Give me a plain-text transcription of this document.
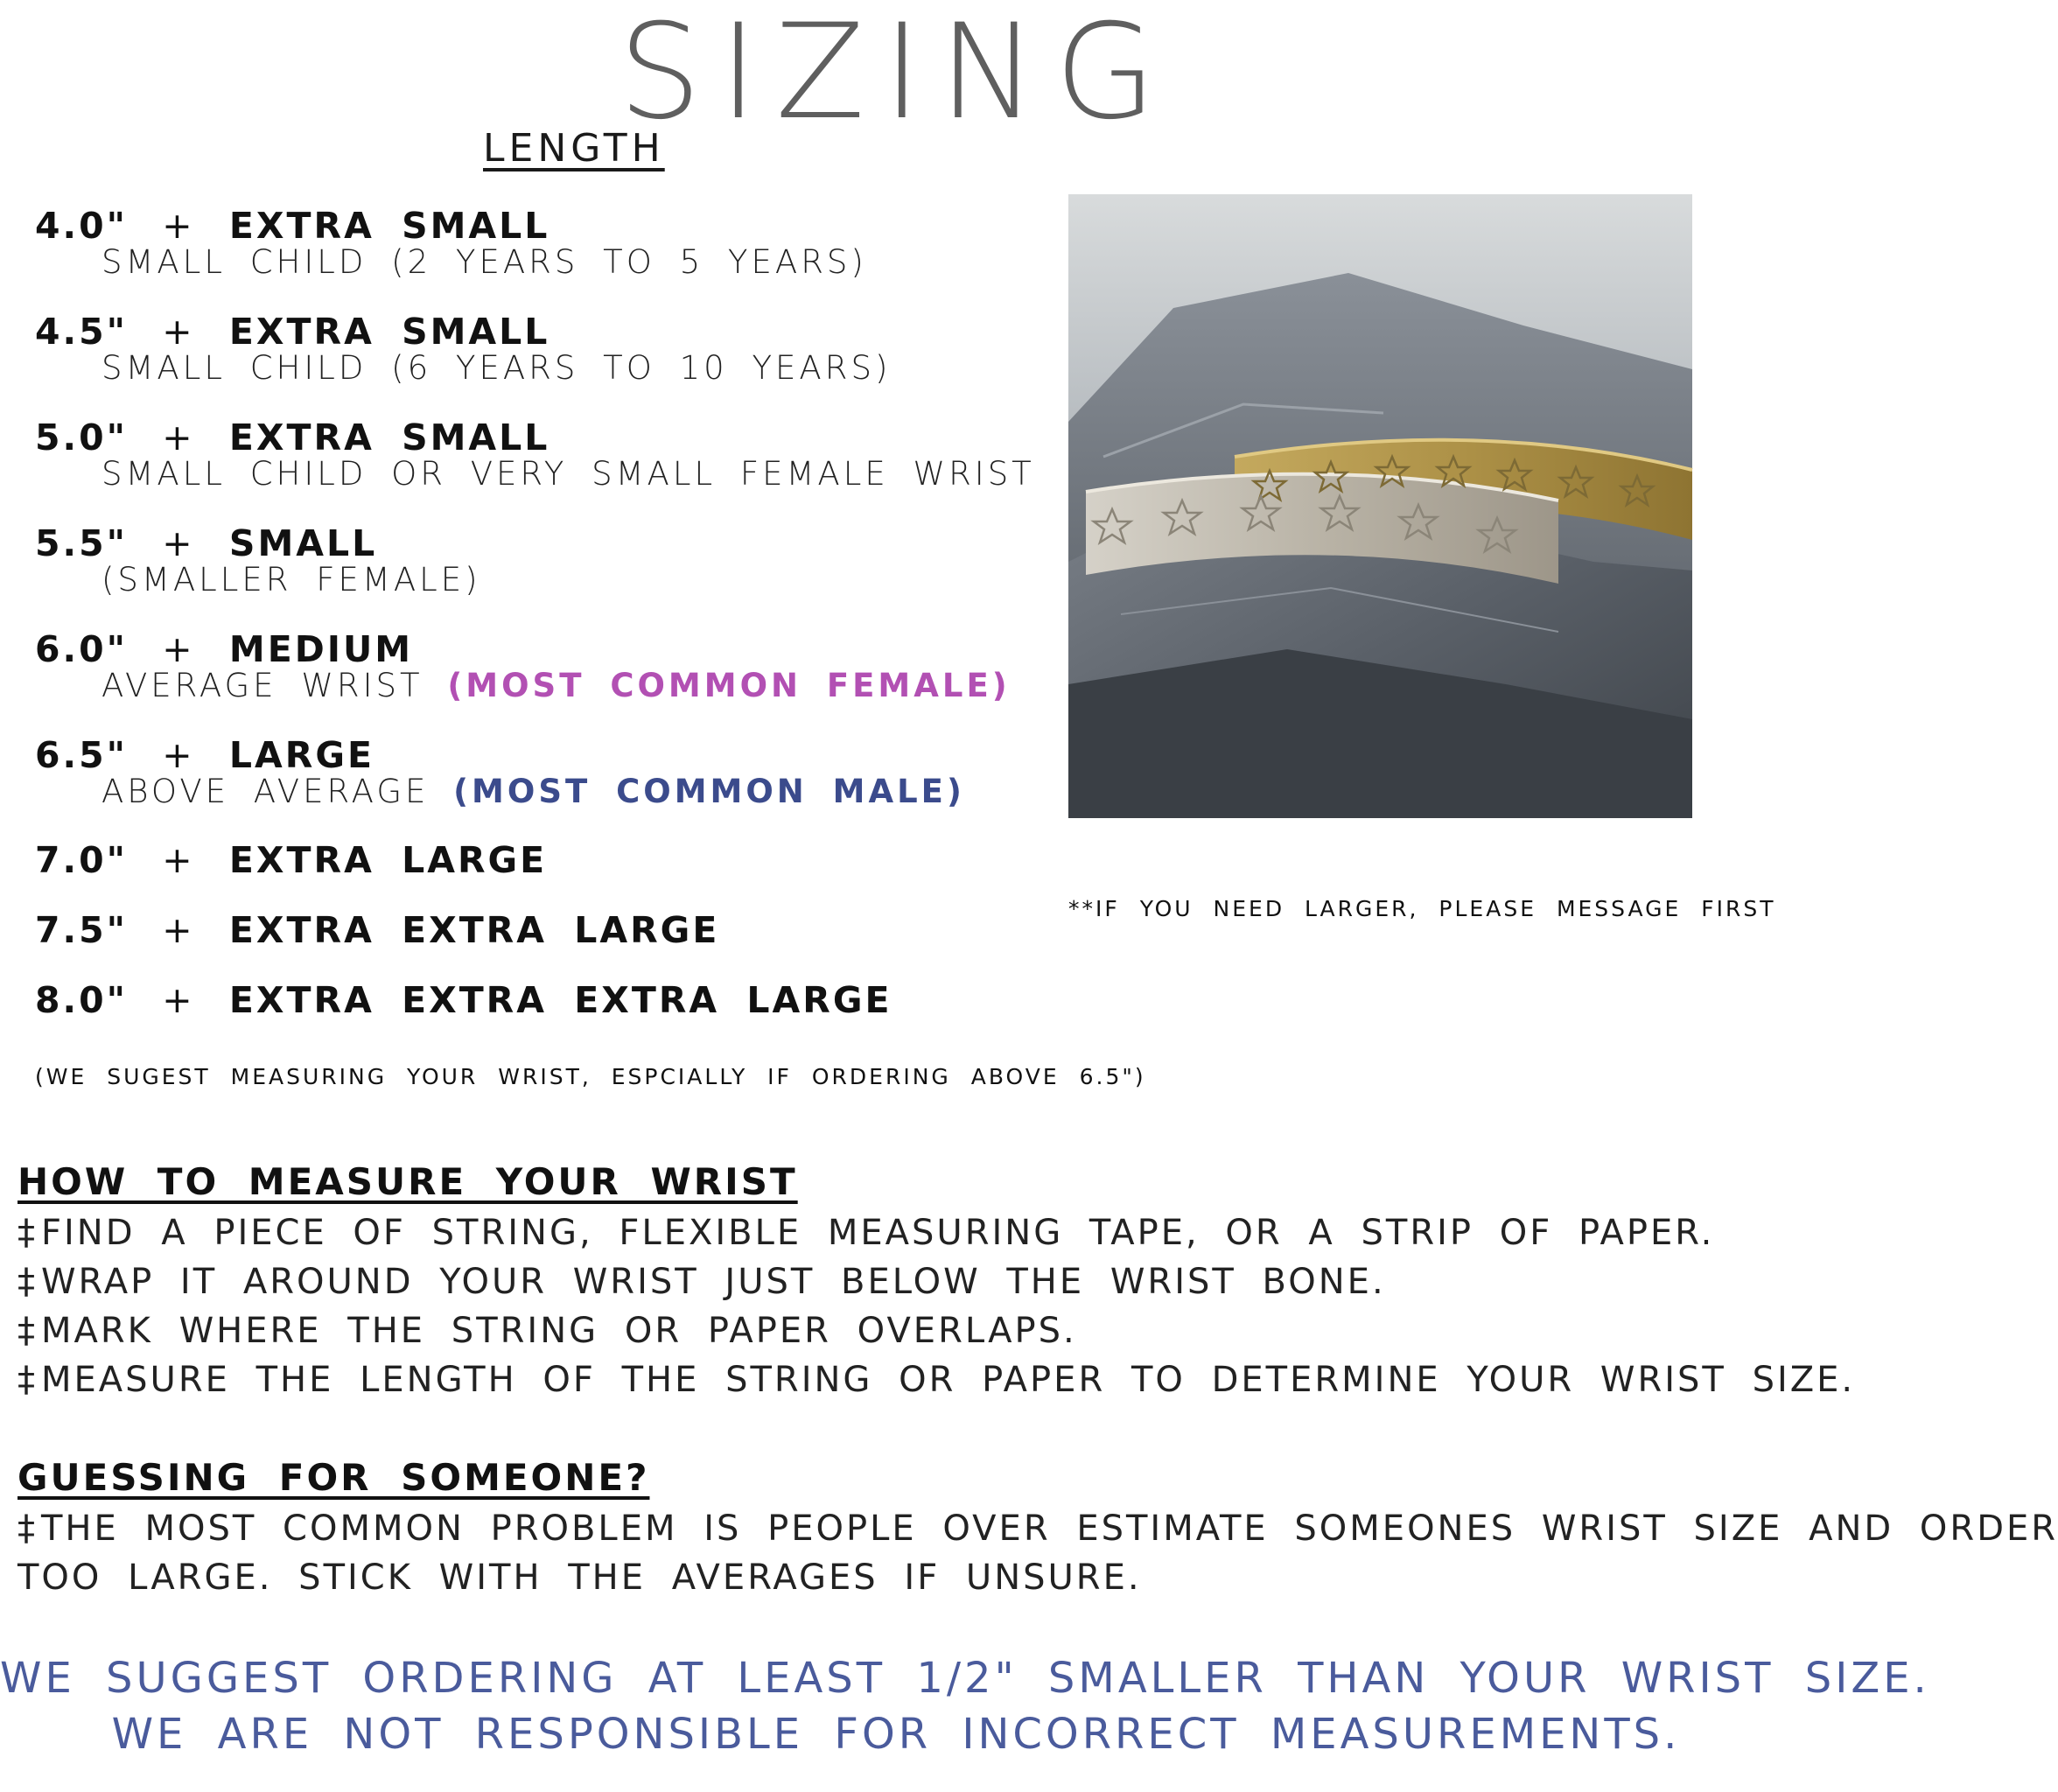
SIZING
LENGTH
4.0" + EXTRA SMALL
SMALL CHILD (2 YEARS TO 5 YEARS)
4.5" + EXTRA SMALL
SMALL CHILD (6 YEARS TO 10 YEARS)
5.0" + EXTRA SMALL
SMALL CHILD OR VERY SMALL FEMALE WRIST
5.5" + SMALL
(SMALLER FEMALE)
6.0" + MEDIUM
AVERAGE WRIST (MOST COMMON FEMALE)
6.5" + LARGE
ABOVE AVERAGE (MOST COMMON MALE)
7.0" + EXTRA LARGE
7.5" + EXTRA EXTRA LARGE
8.0" + EXTRA EXTRA EXTRA LARGE
(WE SUGEST MEASURING YOUR WRIST, ESPCIALLY IF ORDERING ABOVE 6.5")
**IF YOU NEED LARGER, PLEASE MESSAGE FIRST
HOW TO MEASURE YOUR WRIST
‡ FIND A PIECE OF STRING, FLEXIBLE MEASURING TAPE, OR A STRIP OF PAPER.
‡ WRAP IT AROUND YOUR WRIST JUST BELOW THE WRIST BONE.
‡ MARK WHERE THE STRING OR PAPER OVERLAPS.
‡ MEASURE THE LENGTH OF THE STRING OR PAPER TO DETERMINE YOUR WRIST SIZE.
GUESSING FOR SOMEONE?
‡ THE MOST COMMON PROBLEM IS PEOPLE OVER ESTIMATE SOMEONES WRIST SIZE AND ORDER
TOO LARGE. STICK WITH THE AVERAGES IF UNSURE.
WE SUGGEST ORDERING AT LEAST 1/2" SMALLER THAN YOUR WRIST SIZE.
WE ARE NOT RESPONSIBLE FOR INCORRECT MEASUREMENTS.
